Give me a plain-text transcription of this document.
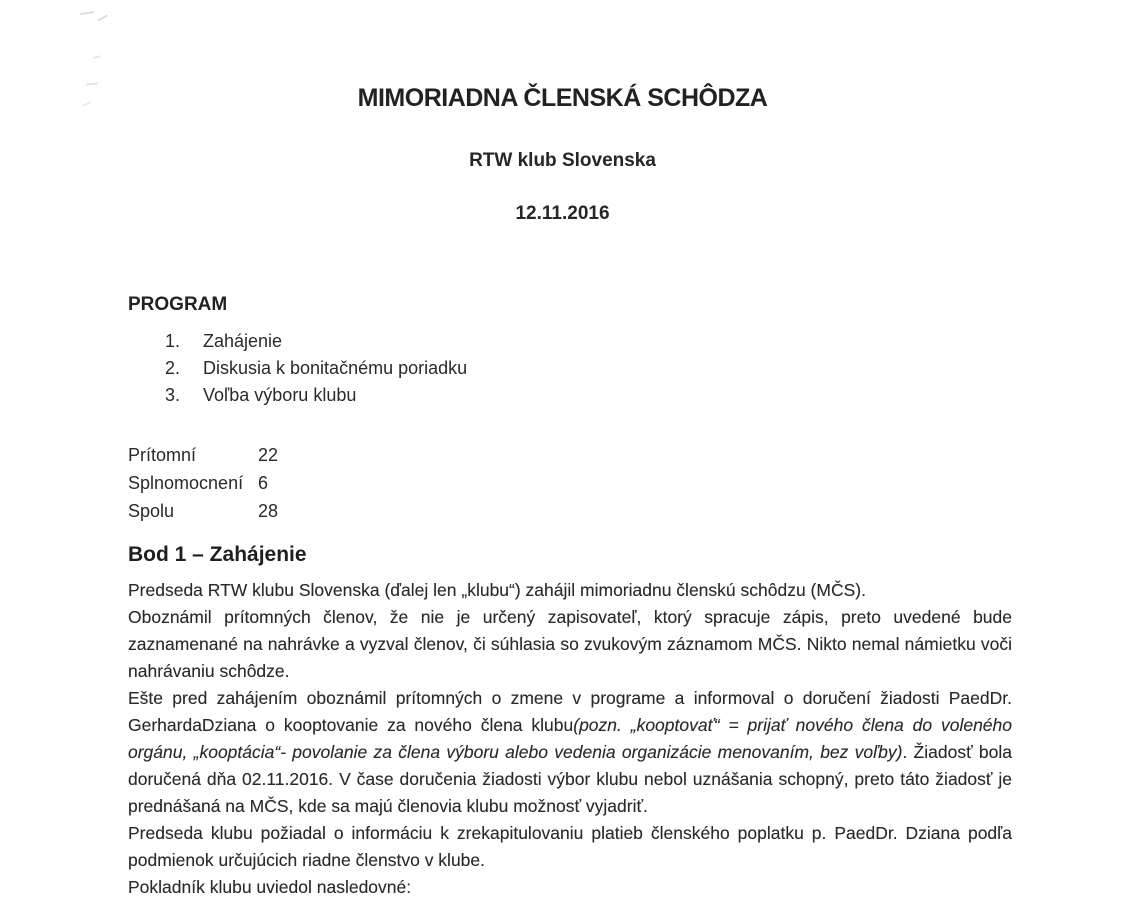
MIMORIADNA ČLENSKÁ SCHÔDZA
RTW klub Slovenska
12.11.2016
PROGRAM
1. Zahájenie
2. Diskusia k bonitačnému poriadku
3. Voľba výboru klubu
Prítomní	22
Splnomocnení 6
Spolu	28
Bod 1 – Zahájenie

Predseda RTW klubu Slovenska (ďalej len „klubu“) zahájil mimoriadnu členskú schôdzu (MČS).

Oboznámil prítomných členov, že nie je určený zapisovateľ, ktorý spracuje zápis, preto uvedené bude zaznamenané na nahrávke a vyzval členov, či súhlasia so zvukovým záznamom MČS. Nikto nemal námietku voči nahrávaniu schôdze.

Ešte pred zahájením oboznámil prítomných o zmene v programe a informoval o doručení žiadosti PaedDr. GerhardaDziana o kooptovanie za nového člena klubu(pozn. „kooptovať“ = prijať nového člena do voleného orgánu, „kooptácia“- povolanie za člena výboru alebo vedenia organizácie menovaním, bez voľby). Žiadosť bola doručená dňa 02.11.2016. V čase doručenia žiadosti výbor klubu nebol uznášania schopný, preto táto žiadosť je prednášaná na MČS, kde sa majú členovia klubu možnosť vyjadriť.

Predseda klubu požiadal o informáciu k zrekapitulovaniu platieb členského poplatku p. PaedDr. Dziana podľa podmienok určujúcich riadne členstvo v klube.

Pokladník klubu uviedol nasledovné:
